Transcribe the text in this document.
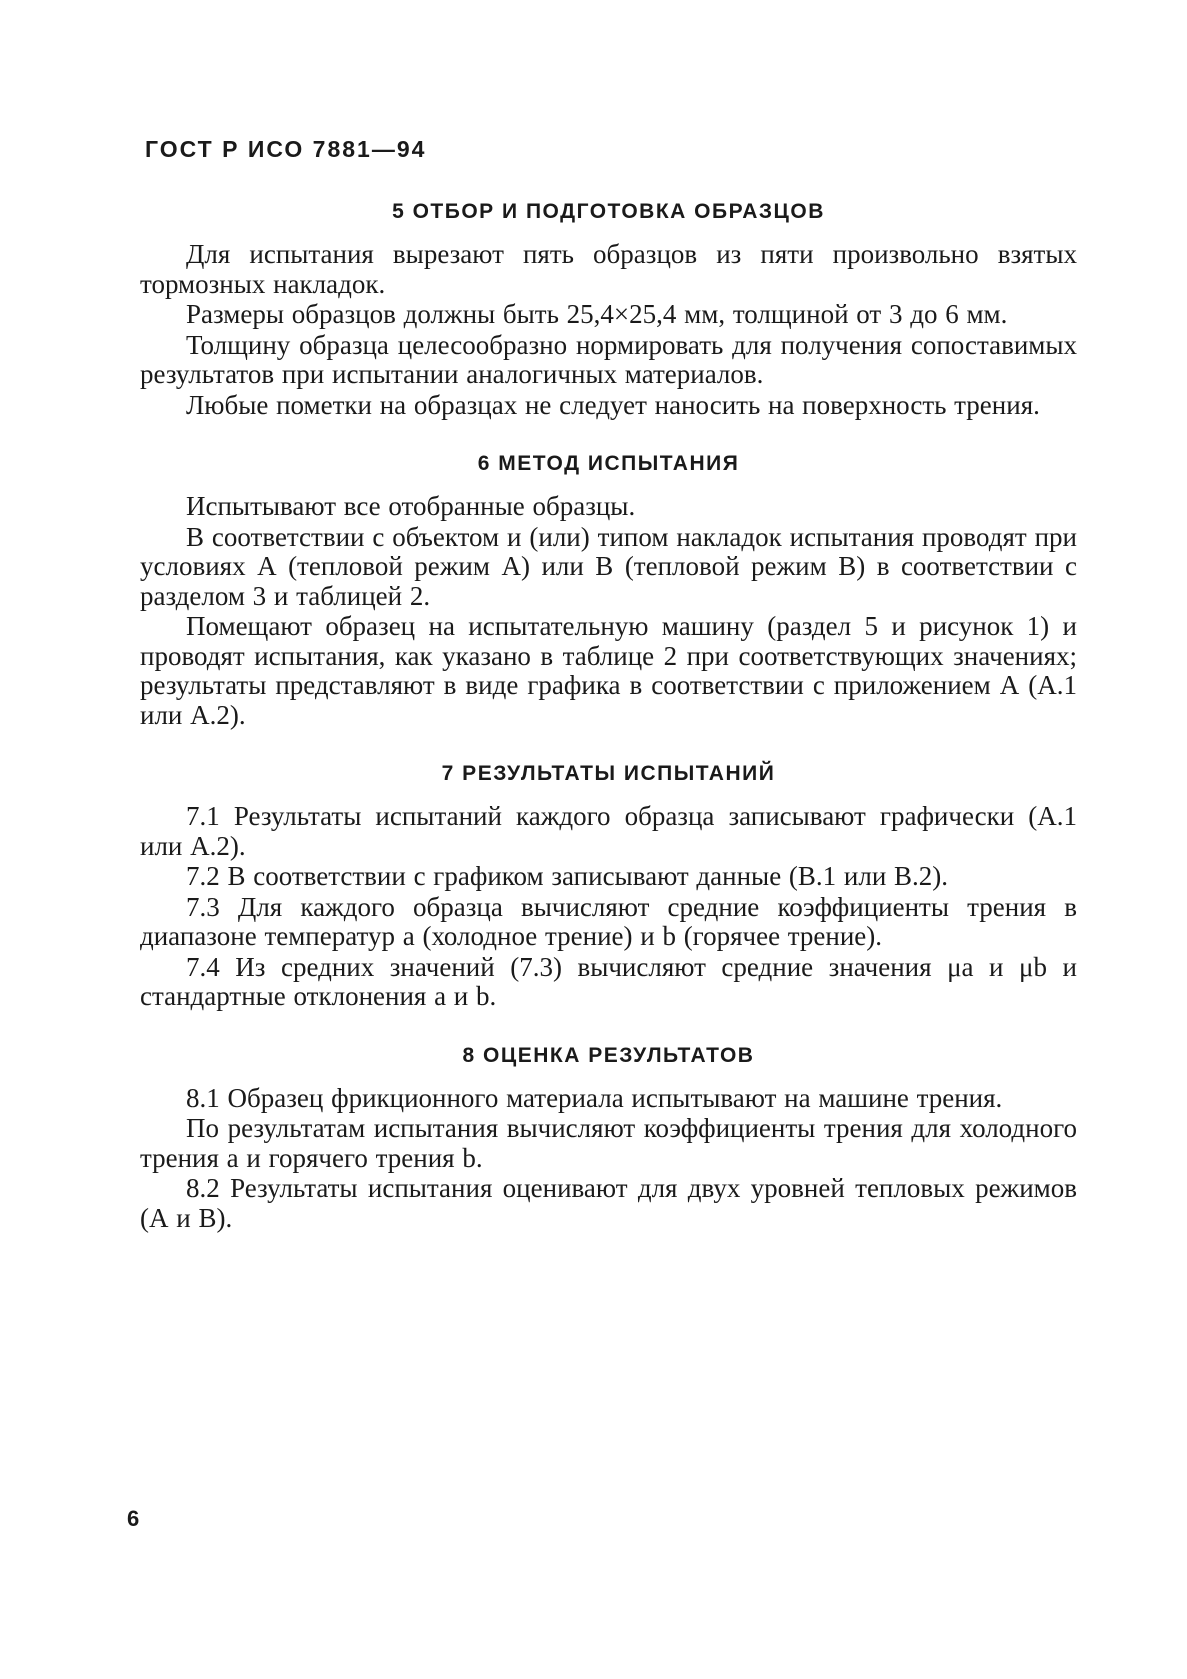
ГОСТ Р ИСО 7881—94
5 ОТБОР И ПОДГОТОВКА ОБРАЗЦОВ

Для испытания вырезают пять образцов из пяти произвольно взятых тормозных накладок.

Размеры образцов должны быть 25,4×25,4 мм, толщиной от 3 до 6 мм.

Толщину образца целесообразно нормировать для получения сопоставимых результатов при испытании аналогичных материалов.

Любые пометки на образцах не следует наносить на поверхность трения.

6 МЕТОД ИСПЫТАНИЯ

Испытывают все отобранные образцы.

В соответствии с объектом и (или) типом накладок испытания проводят при условиях А (тепловой режим А) или В (тепловой режим В) в соответствии с разделом 3 и таблицей 2.

Помещают образец на испытательную машину (раздел 5 и рисунок 1) и проводят испытания, как указано в таблице 2 при соответствующих значениях; результаты представляют в виде графика в соответствии с приложением А (А.1 или А.2).

7 РЕЗУЛЬТАТЫ ИСПЫТАНИЙ

7.1 Результаты испытаний каждого образца записывают графически (А.1 или А.2).

7.2 В соответствии с графиком записывают данные (В.1 или В.2).

7.3 Для каждого образца вычисляют средние коэффициенты трения в диапазоне температур a (холодное трение) и b (горячее трение).

7.4 Из средних значений (7.3) вычисляют средние значения μa и μb и стандартные отклонения a и b.

8 ОЦЕНКА РЕЗУЛЬТАТОВ

8.1 Образец фрикционного материала испытывают на машине трения.

По результатам испытания вычисляют коэффициенты трения для холодного трения a и горячего трения b.

8.2 Результаты испытания оценивают для двух уровней тепловых режимов (А и В).

6
